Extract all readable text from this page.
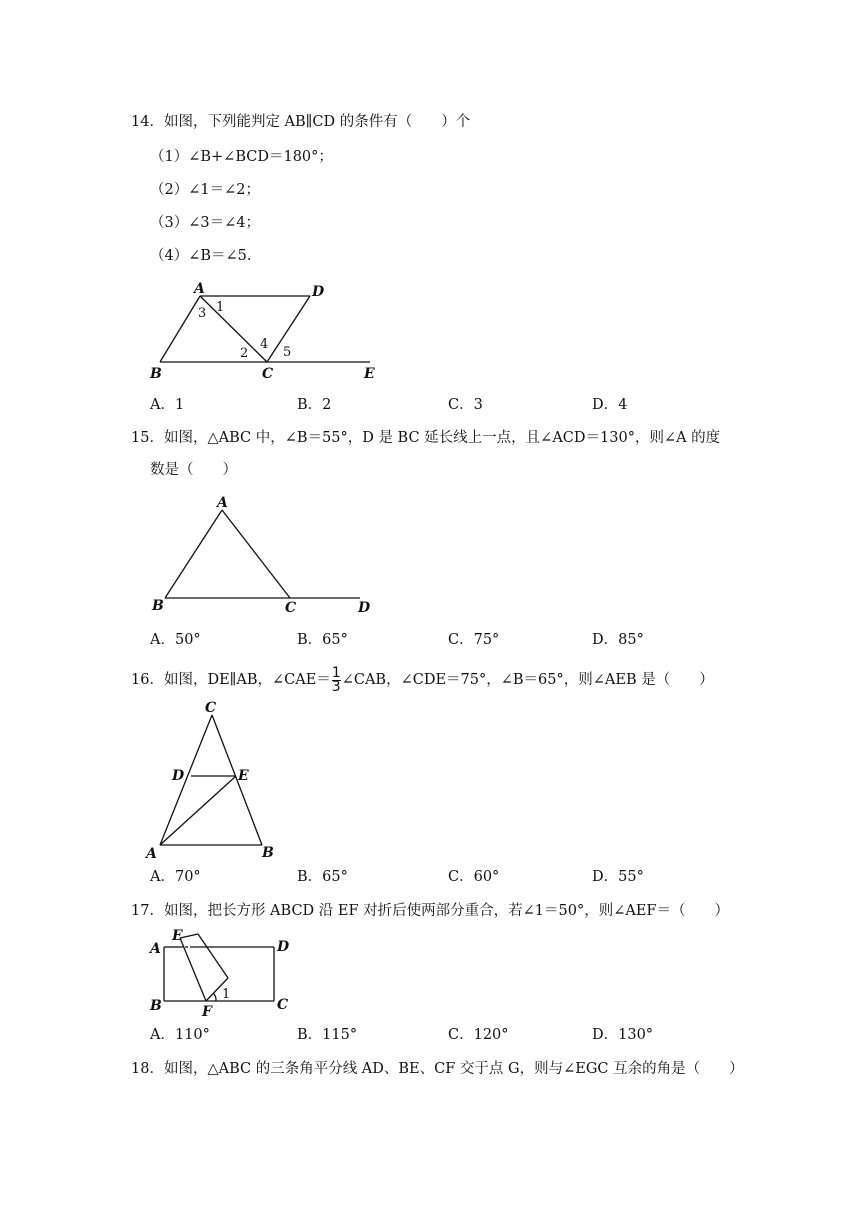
14．如图，下列能判定 AB∥CD 的条件有（　　）个
（1）∠B+∠BCD＝180°；
（2）∠1＝∠2；
（3）∠3＝∠4；
（4）∠B＝∠5.
A	D
B	C	E
1
2
3
4
5
A．1	B．2	C．3	D．4
15．如图，△ABC 中，∠B＝55°，D 是 BC 延长线上一点，且∠ACD＝130°，则∠A 的度
数是（　　）
A
B	C	D
A．50°	B．65°	C．75°	D．85°
16．如图，DE∥AB，∠CAE＝ $\frac{1}{3}$ ∠CAB，∠CDE＝75°，∠B＝65°，则∠AEB 是（　　）
C
D	E
A	B
A．70°	B．65°	C．60°	D．55°
17．如图，把长方形 ABCD 沿 EF 对折后使两部分重合，若∠1＝50°，则∠AEF＝（　　）
E
A	D
B	F	C
1
A．110°	B．115°	C．120°	D．130°
18．如图，△ABC 的三条角平分线 AD、BE、CF 交于点 G，则与∠EGC 互余的角是（　　）
